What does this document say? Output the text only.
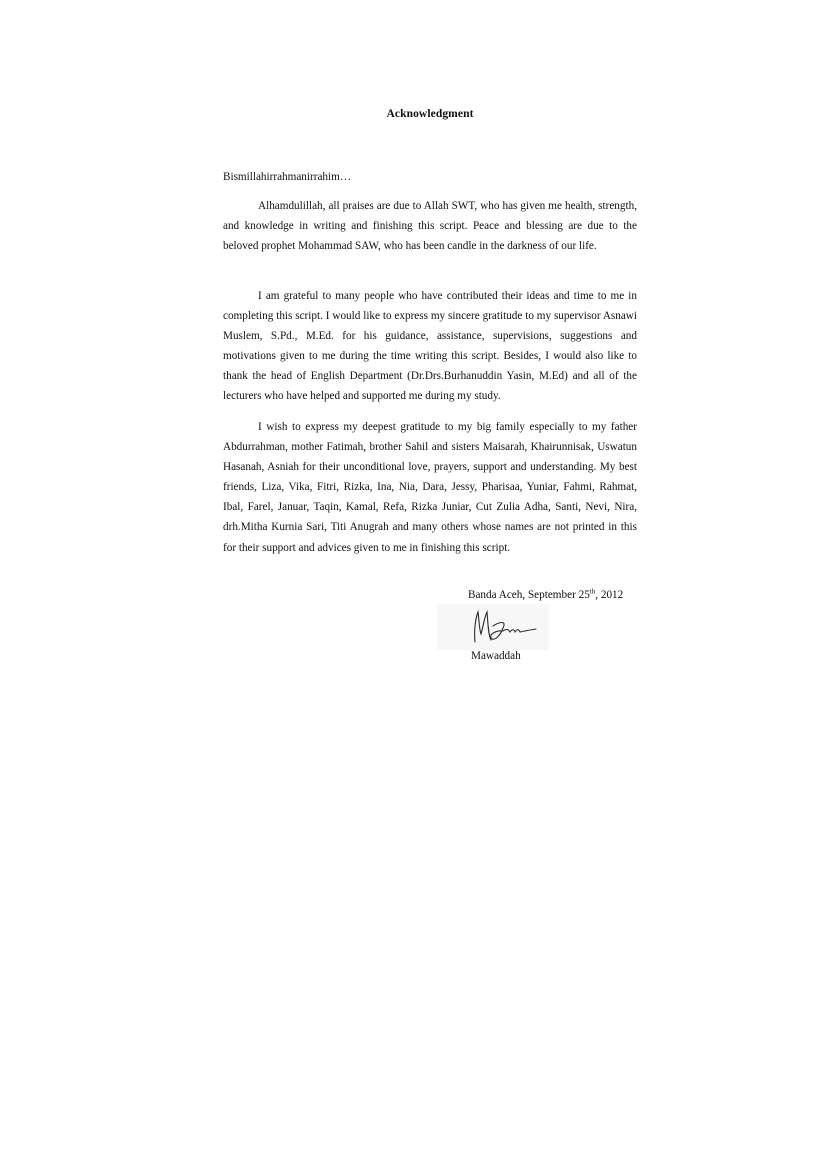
Acknowledgment
Bismillahirrahmanirrahim…

Alhamdulillah, all praises are due to Allah SWT, who has given me health, strength, and knowledge in writing and finishing this script. Peace and blessing are due to the beloved prophet Mohammad SAW, who has been candle in the darkness of our life.

I am grateful to many people who have contributed their ideas and time to me in completing this script. I would like to express my sincere gratitude to my supervisor Asnawi Muslem, S.Pd., M.Ed. for his guidance, assistance, supervisions, suggestions and motivations given to me during the time writing this script. Besides, I would also like to thank the head of English Department (Dr.Drs.Burhanuddin Yasin, M.Ed) and all of the lecturers who have helped and supported me during my study.

I wish to express my deepest gratitude to my big family especially to my father Abdurrahman, mother Fatimah, brother Sahil and sisters Maisarah, Khairunnisak, Uswatun Hasanah, Asniah for their unconditional love, prayers, support and understanding. My best friends, Liza, Vika, Fitri, Rizka, Ina, Nia, Dara, Jessy, Pharisaa, Yuniar, Fahmi, Rahmat, Ibal, Farel, Januar, Taqin, Kamal, Refa, Rizka Juniar, Cut Zulia Adha, Santi, Nevi, Nira, drh.Mitha Kurnia Sari, Titi Anugrah and many others whose names are not printed in this for their support and advices given to me in finishing this script.

Banda Aceh, September 25th, 2012
Mawaddah
